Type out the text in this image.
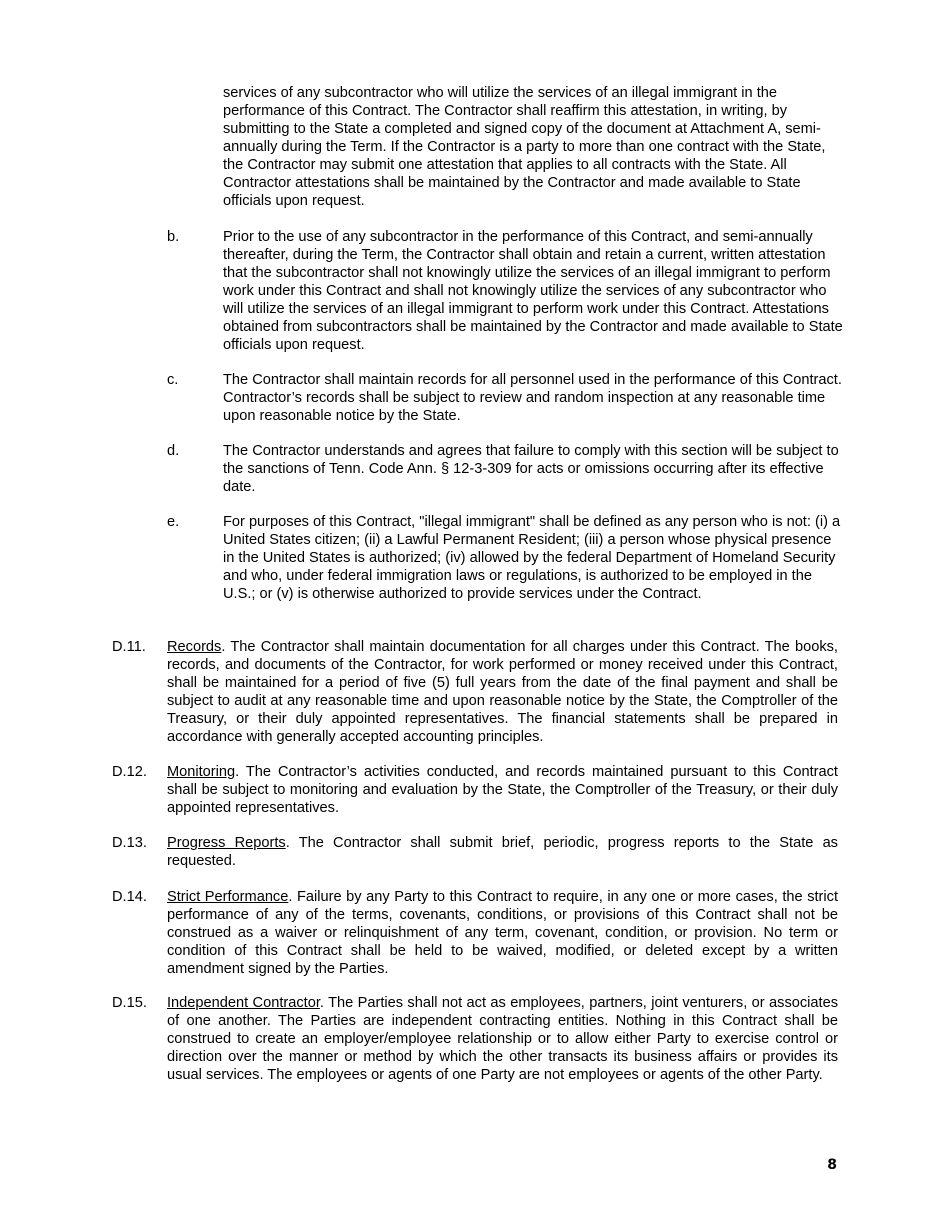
services of any subcontractor who will utilize the services of an illegal immigrant in the performance of this Contract. The Contractor shall reaffirm this attestation, in writing, by submitting to the State a completed and signed copy of the document at Attachment A, semi-annually during the Term. If the Contractor is a party to more than one contract with the State, the Contractor may submit one attestation that applies to all contracts with the State. All Contractor attestations shall be maintained by the Contractor and made available to State officials upon request.
b.	Prior to the use of any subcontractor in the performance of this Contract, and semi-annually thereafter, during the Term, the Contractor shall obtain and retain a current, written attestation that the subcontractor shall not knowingly utilize the services of an illegal immigrant to perform work under this Contract and shall not knowingly utilize the services of any subcontractor who will utilize the services of an illegal immigrant to perform work under this Contract. Attestations obtained from subcontractors shall be maintained by the Contractor and made available to State officials upon request.
c.	The Contractor shall maintain records for all personnel used in the performance of this Contract. Contractor’s records shall be subject to review and random inspection at any reasonable time upon reasonable notice by the State.
d.	The Contractor understands and agrees that failure to comply with this section will be subject to the sanctions of Tenn. Code Ann. § 12-3-309 for acts or omissions occurring after its effective date.
e.	For purposes of this Contract, "illegal immigrant" shall be defined as any person who is not: (i) a United States citizen; (ii) a Lawful Permanent Resident; (iii) a person whose physical presence in the United States is authorized; (iv) allowed by the federal Department of Homeland Security and who, under federal immigration laws or regulations, is authorized to be employed in the U.S.; or (v) is otherwise authorized to provide services under the Contract.
D.11. Records. The Contractor shall maintain documentation for all charges under this Contract. The books, records, and documents of the Contractor, for work performed or money received under this Contract, shall be maintained for a period of five (5) full years from the date of the final payment and shall be subject to audit at any reasonable time and upon reasonable notice by the State, the Comptroller of the Treasury, or their duly appointed representatives. The financial statements shall be prepared in accordance with generally accepted accounting principles.
D.12. Monitoring. The Contractor’s activities conducted, and records maintained pursuant to this Contract shall be subject to monitoring and evaluation by the State, the Comptroller of the Treasury, or their duly appointed representatives.
D.13. Progress Reports. The Contractor shall submit brief, periodic, progress reports to the State as requested.
D.14. Strict Performance. Failure by any Party to this Contract to require, in any one or more cases, the strict performance of any of the terms, covenants, conditions, or provisions of this Contract shall not be construed as a waiver or relinquishment of any term, covenant, condition, or provision. No term or condition of this Contract shall be held to be waived, modified, or deleted except by a written amendment signed by the Parties.
D.15. Independent Contractor. The Parties shall not act as employees, partners, joint venturers, or associates of one another. The Parties are independent contracting entities. Nothing in this Contract shall be construed to create an employer/employee relationship or to allow either Party to exercise control or direction over the manner or method by which the other transacts its business affairs or provides its usual services. The employees or agents of one Party are not employees or agents of the other Party.
8
